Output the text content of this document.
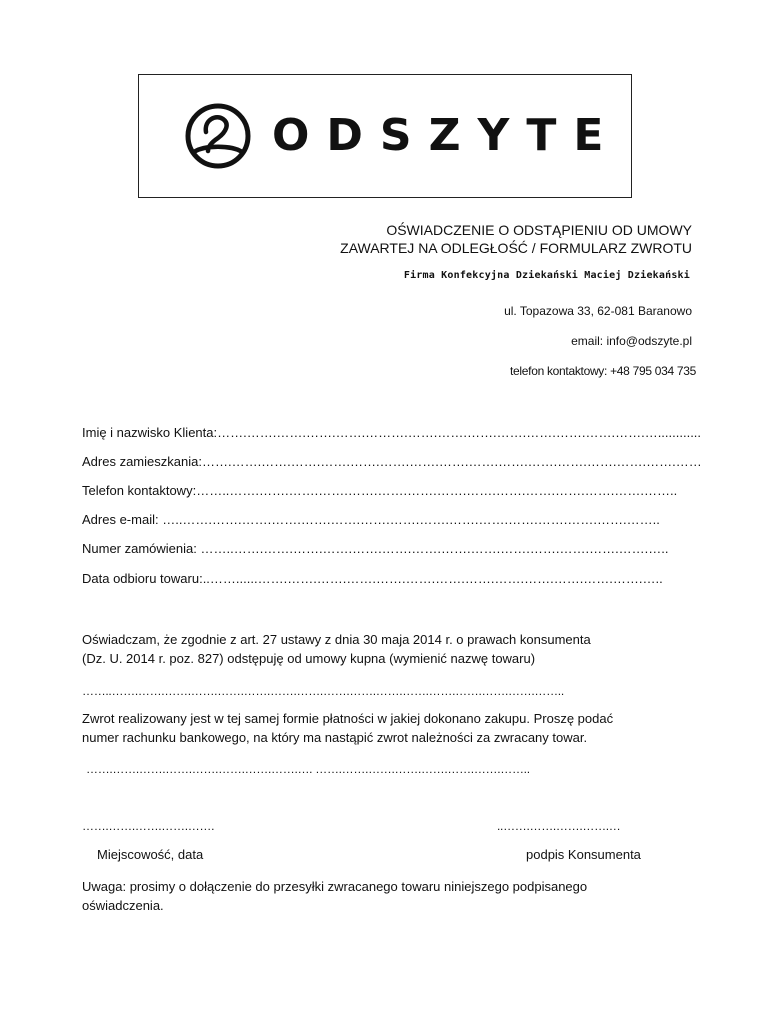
ODSZYTE
OŚWIADCZENIE O ODSTĄPIENIU OD UMOWY
ZAWARTEJ NA ODLEGŁOŚĆ / FORMULARZ ZWROTU
Firma Konfekcyjna Dziekański Maciej Dziekański
ul. Topazowa 33, 62-081 Baranowo
email: info@odszyte.pl
telefon kontaktowy: +48 795 034 735
Imię i nazwisko Klienta:…….…….…….…….…….……….…….…….…….…….…….…….…….…….…............
Adres zamieszkania:…….…….…….…….…….…….…….…….…….…….…….…….…….…….…….…….……
Telefon kontaktowy:……..…….…….…….…….…….…….…….…….…….…….…….…….…….…….……..
Adres e-mail: …..…….…….…….…….…….…….…….…….…….…….…….…….…….…….…….……..
Numer zamówienia: ……..…….…….…….…….…….…….…….…….…….…….…….…….…….…….…..
Data odbioru towaru:..……......…….…….…….…….…….…….…….…….…….…….…….…….…….…..
Oświadczam, że zgodnie z art. 27 ustawy z dnia 30 maja 2014 r. o prawach konsumenta
(Dz. U. 2014 r. poz. 827) odstępuję od umowy kupna (wymienić nazwę towaru)
……..…….…….…….…….…….…….…….…….…….…….…….…….…….…….…….…….……..
Zwrot realizowany jest w tej samej formie płatności w jakiej dokonano zakupu. Proszę podać
numer rachunku bankowego, na który ma nastąpić zwrot należności za zwracany towar.
…….…….…….…….…….…….…….…….…. …….…….…….…….…….…….…….……..
…….…….…….…….…….	..…….…….…….…….…
Miejscowość, data	podpis Konsumenta
Uwaga: prosimy o dołączenie do przesyłki zwracanego towaru niniejszego podpisanego
oświadczenia.
